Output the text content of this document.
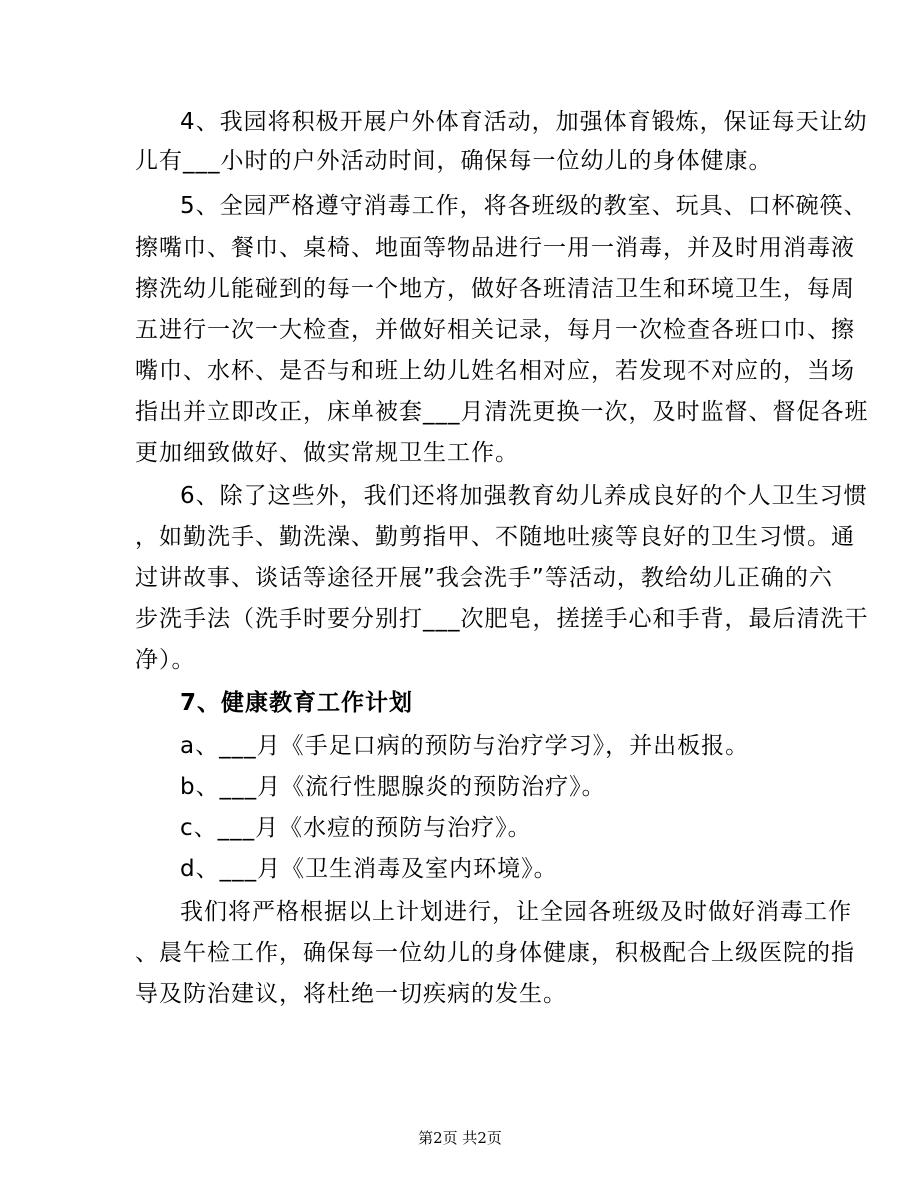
4、我园将积极开展户外体育活动，加强体育锻炼，保证每天让幼
儿有___小时的户外活动时间，确保每一位幼儿的身体健康。
5、全园严格遵守消毒工作，将各班级的教室、玩具、口杯碗筷、
擦嘴巾、餐巾、桌椅、地面等物品进行一用一消毒，并及时用消毒液
擦洗幼儿能碰到的每一个地方，做好各班清洁卫生和环境卫生，每周
五进行一次一大检查，并做好相关记录，每月一次检查各班口巾、擦
嘴巾、水杯、是否与和班上幼儿姓名相对应，若发现不对应的，当场
指出并立即改正，床单被套___月清洗更换一次，及时监督、督促各班
更加细致做好、做实常规卫生工作。
6、除了这些外，我们还将加强教育幼儿养成良好的个人卫生习惯
，如勤洗手、勤洗澡、勤剪指甲、不随地吐痰等良好的卫生习惯。通
过讲故事、谈话等途径开展”我会洗手”等活动，教给幼儿正确的六
步洗手法（洗手时要分别打___次肥皂，搓搓手心和手背，最后清洗干
净）。
7、健康教育工作计划
a、___月《手足口病的预防与治疗学习》，并出板报。
b、___月《流行性腮腺炎的预防治疗》。
c、___月《水痘的预防与治疗》。
d、___月《卫生消毒及室内环境》。
我们将严格根据以上计划进行，让全园各班级及时做好消毒工作
、晨午检工作，确保每一位幼儿的身体健康，积极配合上级医院的指
导及防治建议，将杜绝一切疾病的发生。
第2页 共2页
